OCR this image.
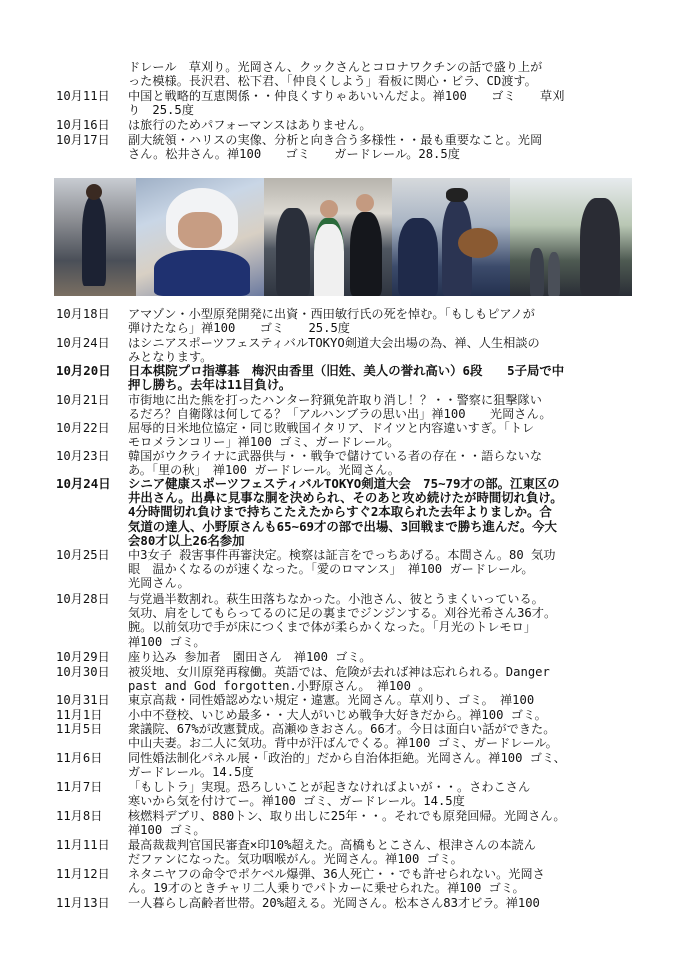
ドレール　草刈り。光岡さん、クックさんとコロナワクチンの話で盛り上が
った模様。長沢君、松下君、「仲良くしよう」看板に関心・ビラ、CD渡す。
10月11日	中国と戦略的互恵関係・・仲良くすりゃあいいんだよ。禅100　　ゴミ　　草刈
り　25.5度
10月16日	は旅行のためパフォーマンスはありません。
10月17日	副大統領・ハリスの実像、分析と向き合う多様性・・最も重要なこと。光岡
さん。松井さん。禅100　　ゴミ　　ガードレール。28.5度
10月18日	アマゾン・小型原発開発に出資・西田敏行氏の死を悼む。「もしもピアノが
弾けたなら」禅100　　ゴミ　　25.5度
10月24日	はシニアスポーツフェスティバルTOKYO剣道大会出場の為、禅、人生相談の
みとなります。
10月20日	日本棋院プロ指導碁　梅沢由香里（旧姓、美人の誉れ高い）6段　　5子局で中
押し勝ち。去年は11目負け。
10月21日	市街地に出た熊を打ったハンター狩猟免許取り消し！？・・警察に狙撃隊い
るだろ？自衛隊は何してる？「アルハンブラの思い出」禅100　　光岡さん。
10月22日	屈辱的日米地位協定・同じ敗戦国イタリア、ドイツと内容違いすぎ。「トレ
モロメランコリー」禅100 ゴミ、ガードレール。
10月23日	韓国がウクライナに武器供与・・戦争で儲けている者の存在・・語らないな
あ。「里の秋」　禅100 ガードレール。光岡さん。
10月24日	シニア健康スポーツフェスティバルTOKYO剣道大会　75~79才の部。江東区の
井出さん。出鼻に見事な胴を決められ、そのあと攻め続けたが時間切れ負け。
4分時間切れ負けまで持ちこたえたからすぐ2本取られた去年よりましか。合
気道の達人、小野原さんも65~69才の部で出場、3回戦まで勝ち進んだ。今大
会80才以上26名参加
10月25日	中3女子 殺害事件再審決定。検察は証言をでっちあげる。本間さん。80 気功
眼　温かくなるのが速くなった。「愛のロマンス」　禅100 ガードレール。
光岡さん。
10月28日	与党過半数割れ。萩生田落ちなかった。小池さん、彼とうまくいっている。
気功、肩をしてもらってるのに足の裏までジンジンする。刈谷光希さん36才。
腕。以前気功で手が床につくまで体が柔らかくなった。「月光のトレモロ」
禅100 ゴミ。
10月29日	座り込み 参加者　園田さん　禅100 ゴミ。
10月30日	被災地、女川原発再稼働。英語では、危険が去れば神は忘れられる。Danger
past and God forgotten.小野原さん。　禅100 。
10月31日	東京高裁・同性婚認めない規定・違憲。光岡さん。草刈り、ゴミ。　禅100
11月1日	小中不登校、いじめ最多・・大人がいじめ戦争大好きだから。禅100 ゴミ。
11月5日	衆議院、67%が改憲賛成。高瀬ゆきおさん。66才。今日は面白い話ができた。
中山夫妻。お二人に気功。背中が汗ばんでくる。禅100 ゴミ、ガードレール。
11月6日	同性婚法制化パネル展・「政治的」だから自治体拒絶。光岡さん。禅100 ゴミ、
ガードレール。14.5度
11月7日	「もしトラ」実現。恐ろしいことが起きなければよいが・・。さわこさん
寒いから気を付けてー。禅100 ゴミ、ガードレール。14.5度
11月8日	核燃料デブリ、880トン、取り出しに25年・・。それでも原発回帰。光岡さん。
禅100 ゴミ。
11月11日	最高裁裁判官国民審査×印10%超えた。高橋もとこさん、根津さんの本読ん
だファンになった。気功咽喉がん。光岡さん。禅100 ゴミ。
11月12日	ネタニヤフの命令でポケベル爆弾、36人死亡・・でも許せられない。光岡さ
ん。19才のときチャリ二人乗りでパトカーに乗せられた。禅100 ゴミ。
11月13日	一人暮らし高齢者世帯。20%超える。光岡さん。松本さん83才ビラ。禅100
